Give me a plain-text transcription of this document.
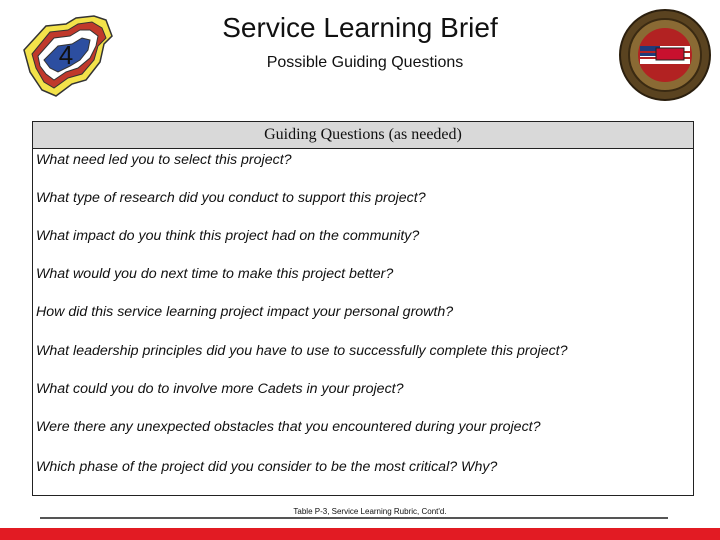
4
Service Learning Brief
Possible Guiding Questions
Guiding Questions (as needed)
What need led you to select this project?
What type of research did you conduct to support this project?
What impact do you think this project had on the community?
What would you do next time to make this project better?
How did this service learning project impact your personal growth?
What leadership principles did you have to use to successfully complete this project?
What could you do to involve more Cadets in your project?
Were there any unexpected obstacles that you encountered during your project?
Which phase of the project did you consider to be the most critical? Why?
Table P-3, Service Learning Rubric, Cont'd.
